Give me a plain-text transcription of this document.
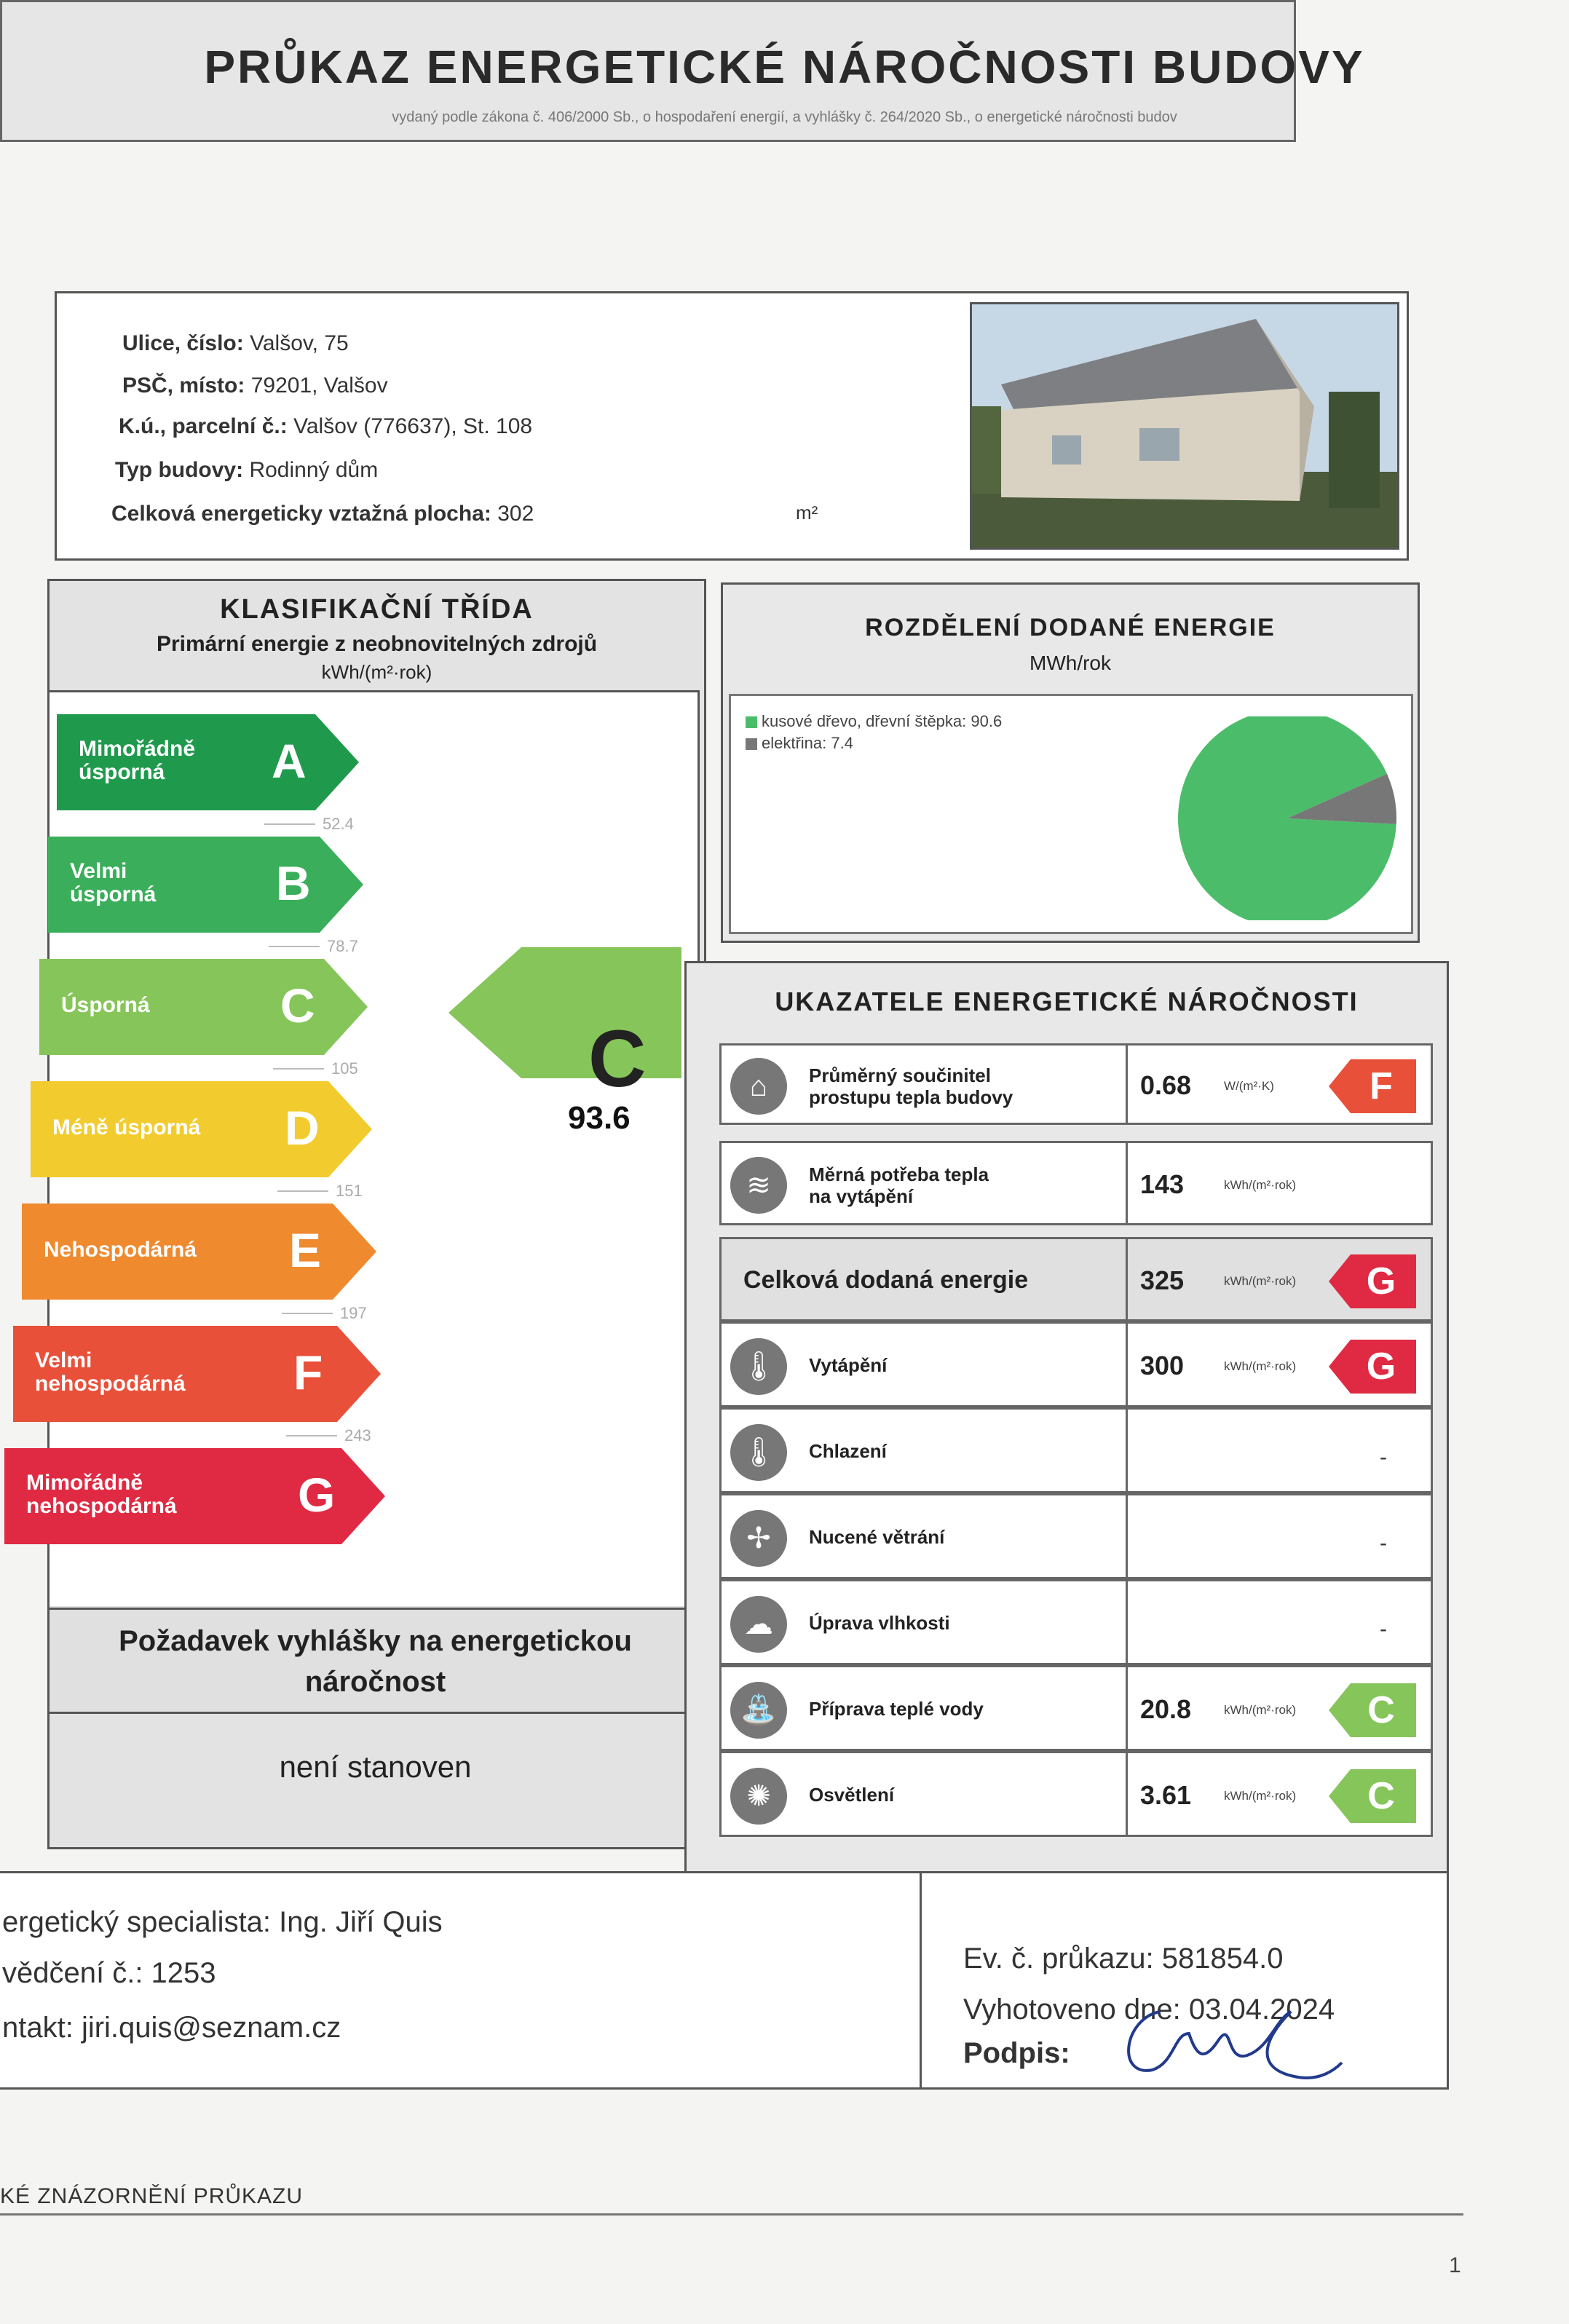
PRŮKAZ ENERGETICKÉ NÁROČNOSTI BUDOVY
vydaný podle zákona č. 406/2000 Sb., o hospodaření energií, a vyhlášky č. 264/2020 Sb., o energetické náročnosti budov
Ulice, číslo: Valšov, 75
PSČ, místo: 79201, Valšov
K.ú., parcelní č.: Valšov (776637), St. 108
Typ budovy: Rodinný dům
Celková energeticky vztažná plocha: 302	m²
KLASIFIKAČNÍ TŘÍDA
Primární energie z neobnovitelných zdrojů
kWh/(m²·rok)
Mimořádně
úsporná	A
52.4
Velmi
úsporná B
78.7
Úsporná	C
105
Méně úsporná D
151
Nehospodárná E
197
Velmi
nehospodárná F
243
Mimořádně
nehospodárná	G
C
93.6
Požadavek vyhlášky na energetickou náročnost
není stanoven
ROZDĚLENÍ DODANÉ ENERGIE
MWh/rok
kusové dřevo, dřevní štěpka: 90.6
elektřina: 7.4
UKAZATELE ENERGETICKÉ NÁROČNOSTI
⌂	Průměrný součinitel
prostupu tepla budovy	0.68	W/(m²·K)	F
≋	Měrná potřeba tepla
na vytápění	143	kWh/(m²·rok)
Celková dodaná energie	325	kWh/(m²·rok) G
🌡	Vytápění	300	kWh/(m²·rok) G
🌡	Chlazení	-
✢	Nucené větrání	-
☁	Úprava vlhkosti	-
⛲	Příprava teplé vody	20.8	kWh/(m²·rok) C
✺	Osvětlení	3.61	kWh/(m²·rok) C
ergetický specialista: Ing. Jiří Quis
vědčení č.: 1253
ntakt: jiri.quis@seznam.cz
Ev. č. průkazu: 581854.0
Vyhotoveno dne: 03.04.2024
Podpis:
KÉ ZNÁZORNĚNÍ PRŮKAZU
1
